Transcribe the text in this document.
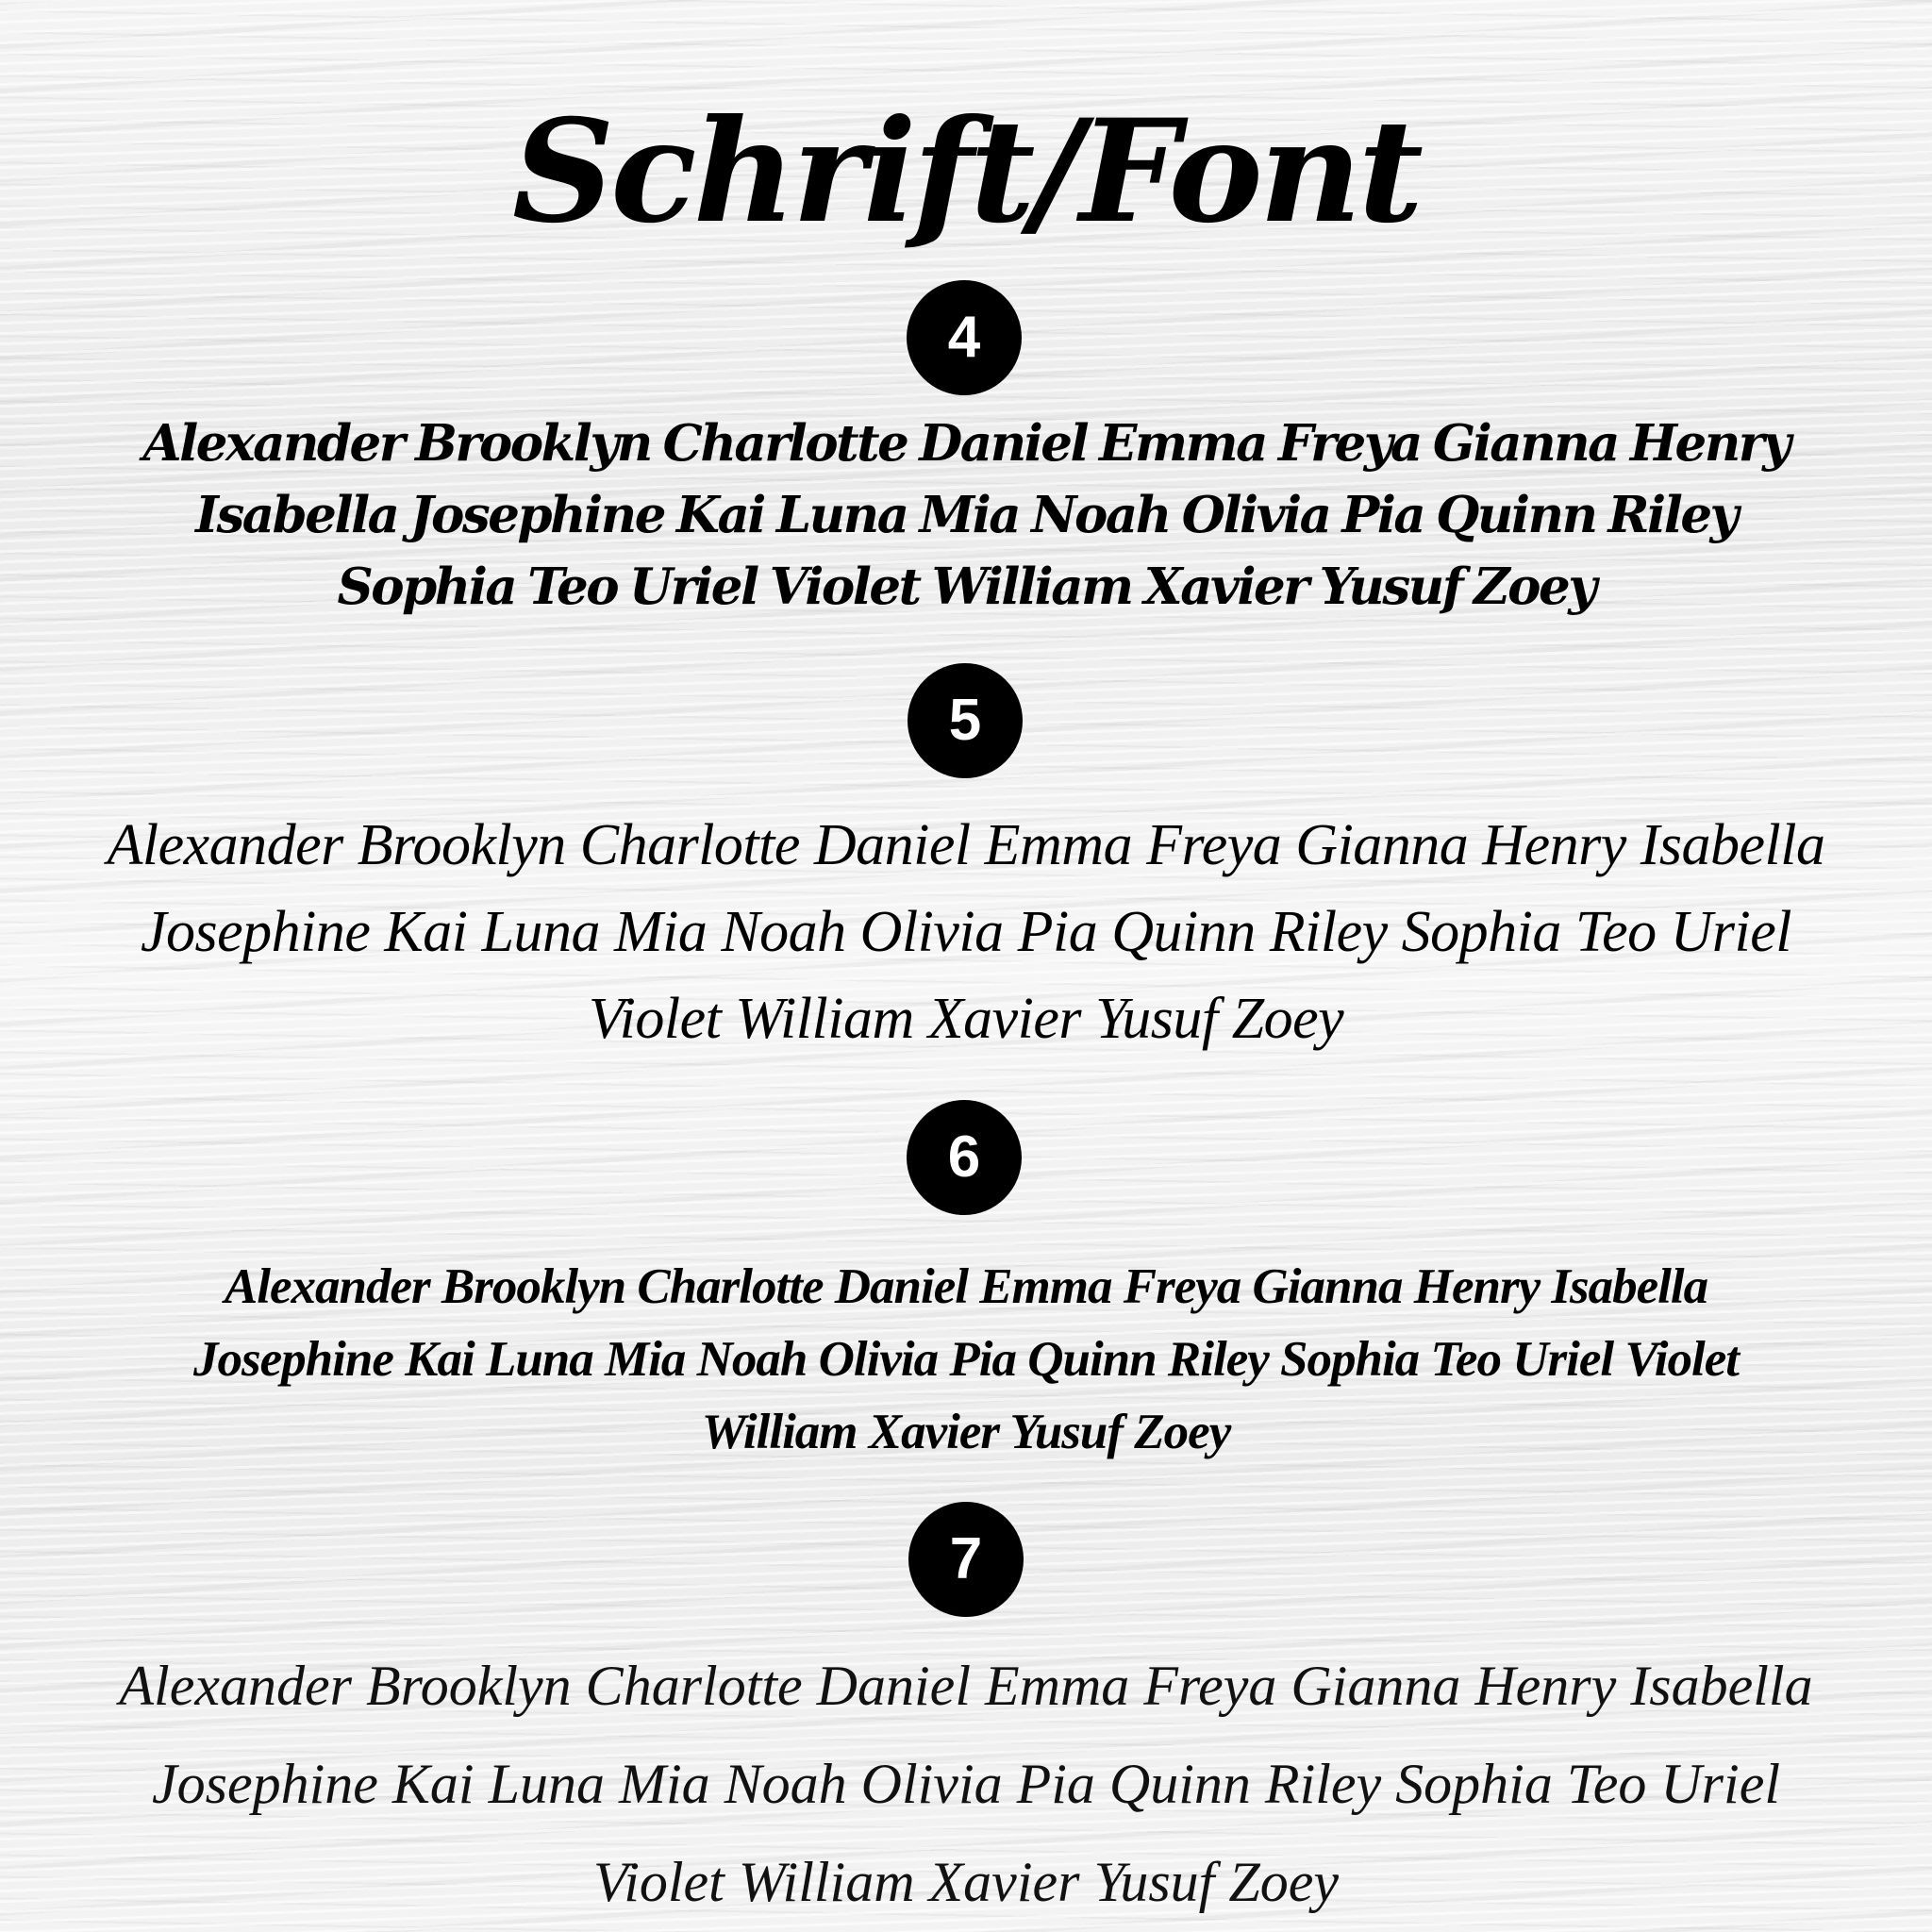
Schrift/Font
4
Alexander Brooklyn Charlotte Daniel Emma Freya Gianna Henry
Isabella Josephine Kai Luna Mia Noah Olivia Pia Quinn Riley
Sophia Teo Uriel Violet William Xavier Yusuf Zoey
5
Alexander Brooklyn Charlotte Daniel Emma Freya Gianna Henry Isabella
Josephine Kai Luna Mia Noah Olivia Pia Quinn Riley Sophia Teo Uriel
Violet William Xavier Yusuf Zoey
6
Alexander Brooklyn Charlotte Daniel Emma Freya Gianna Henry Isabella
Josephine Kai Luna Mia Noah Olivia Pia Quinn Riley Sophia Teo Uriel Violet
William Xavier Yusuf Zoey
7
Alexander Brooklyn Charlotte Daniel Emma Freya Gianna Henry Isabella
Josephine Kai Luna Mia Noah Olivia Pia Quinn Riley Sophia Teo Uriel
Violet William Xavier Yusuf Zoey
